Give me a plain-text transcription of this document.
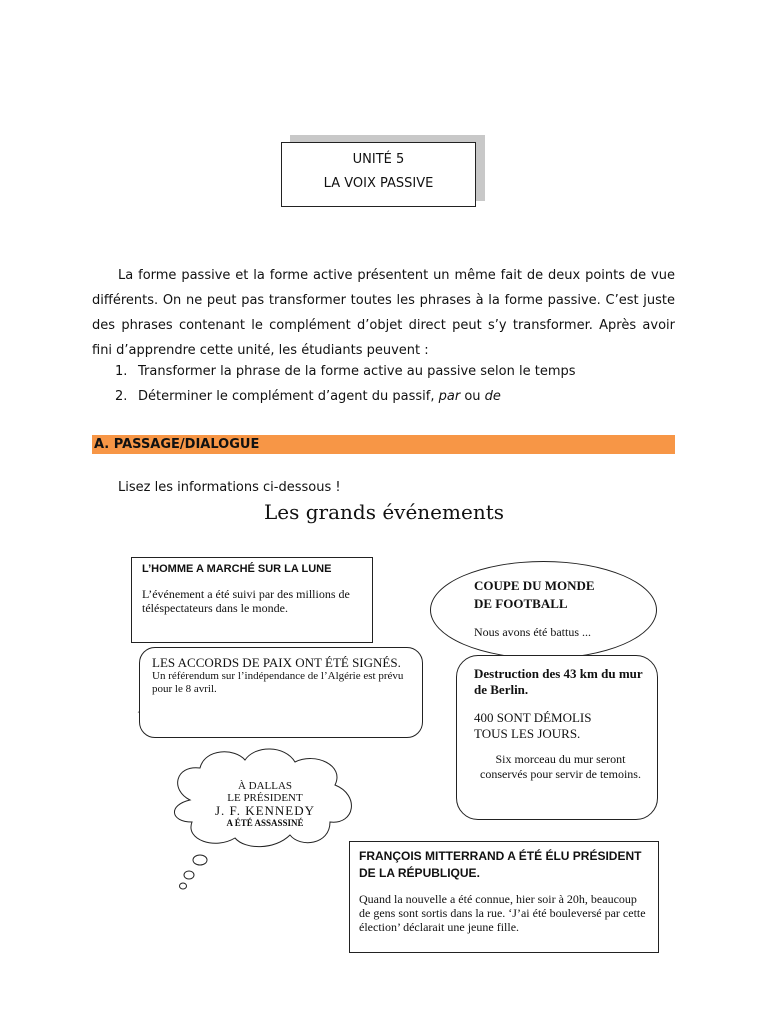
UNITÉ 5
LA VOIX PASSIVE
La forme passive et la forme active présentent un même fait de deux points de vue différents. On ne peut pas transformer toutes les phrases à la forme passive. C’est juste des phrases contenant le complément d’objet direct peut s’y transformer. Après avoir fini d’apprendre cette unité, les étudiants peuvent :
1. Transformer la phrase de la forme active au passive selon le temps
2. Déterminer le complément d’agent du passif, par ou de
A. PASSAGE/DIALOGUE
Lisez les informations ci-dessous !
Les grands événements
L’HOMME A MARCHÉ SUR LA LUNE
L’événement a été suivi par des millions de téléspectateurs dans le monde.
LES ACCORDS DE PAIX ONT ÉTÉ SIGNÉS.
Un référendum sur l’indépendance de l’Algérie est prévu pour le 8 avril.
COUPE DU MONDE DE FOOTBALL
Nous avons été battus ...
Destruction des 43 km du mur de Berlin.
400 SONT DÉMOLIS TOUS LES JOURS.
Six morceau du mur seront conservés pour servir de temoins.
À DALLAS
LE PRÉSIDENT
J. F. KENNEDY
A ÉTÉ ASSASSINÉ
FRANÇOIS MITTERRAND A ÉTÉ ÉLU PRÉSIDENT DE LA RÉPUBLIQUE.
Quand la nouvelle a été connue, hier soir à 20h, beaucoup de gens sont sortis dans la rue. ‘J’ai été bouleversé par cette élection’ déclarait une jeune fille.
